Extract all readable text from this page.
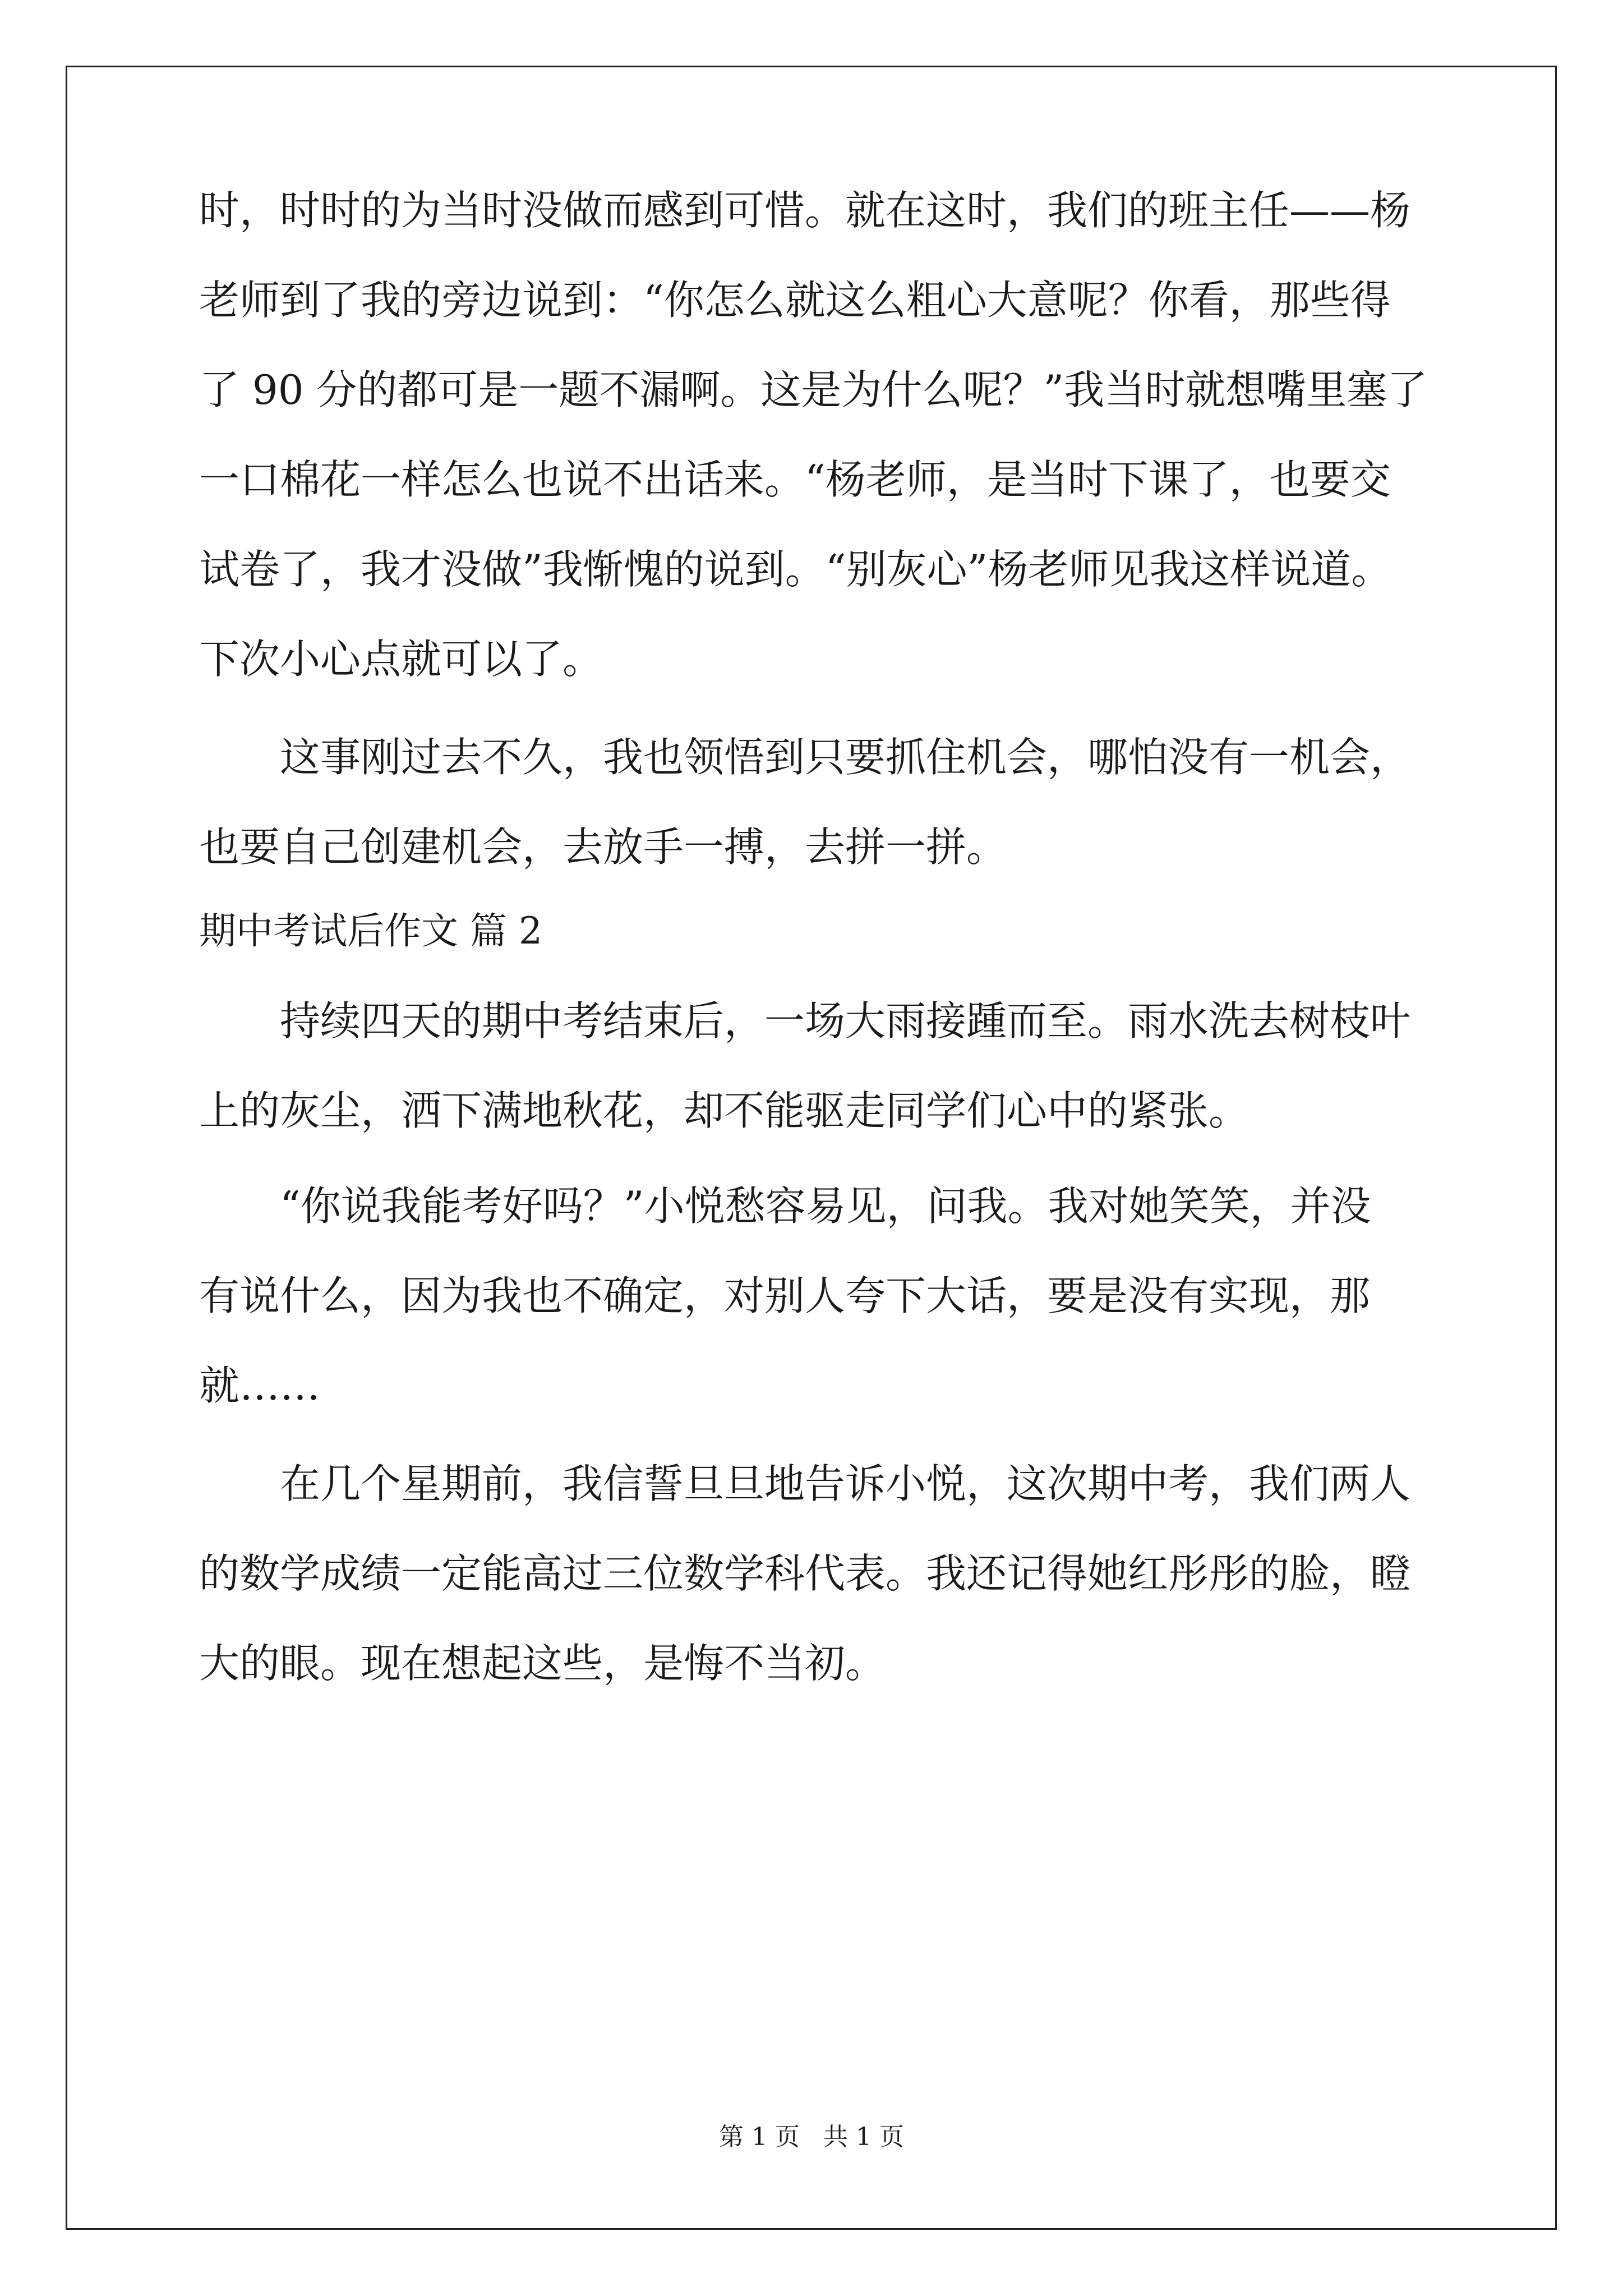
时，时时的为当时没做而感到可惜。就在这时，我们的班主任——杨
老师到了我的旁边说到：“你怎么就这么粗心大意呢？你看，那些得
了 90 分的都可是一题不漏啊。这是为什么呢？”我当时就想嘴里塞了
一口棉花一样怎么也说不出话来。“杨老师，是当时下课了，也要交
试卷了，我才没做”我惭愧的说到。“别灰心”杨老师见我这样说道。
下次小心点就可以了。
　　这事刚过去不久，我也领悟到只要抓住机会，哪怕没有一机会，
也要自己创建机会，去放手一搏，去拼一拼。
期中考试后作文 篇 2
　　持续四天的期中考结束后，一场大雨接踵而至。雨水洗去树枝叶
上的灰尘，洒下满地秋花，却不能驱走同学们心中的紧张。
　　“你说我能考好吗？”小悦愁容易见，问我。我对她笑笑，并没
有说什么，因为我也不确定，对别人夸下大话，要是没有实现，那
就……
　　在几个星期前，我信誓旦旦地告诉小悦，这次期中考，我们两人
的数学成绩一定能高过三位数学科代表。我还记得她红彤彤的脸，瞪
大的眼。现在想起这些，是悔不当初。
第 1 页   共 1 页
